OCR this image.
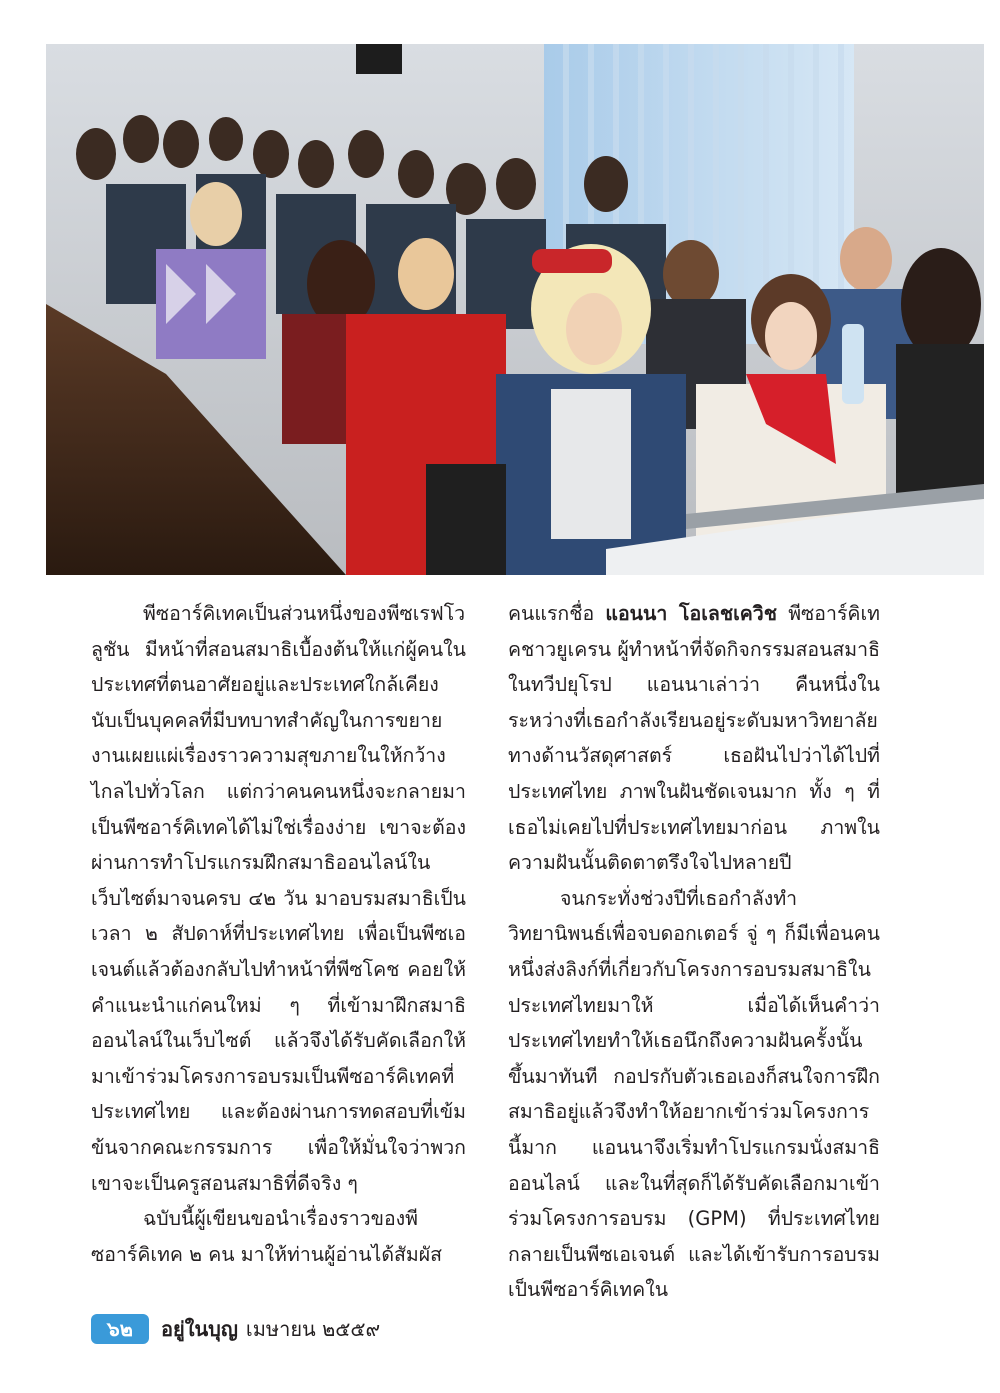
พีซอาร์คิเทคเป็นส่วนหนึ่งของพีซเรฟโวลูชัน มีหน้าที่สอนสมาธิเบื้องต้นให้แก่ผู้คนในประเทศที่ตนอาศัยอยู่และประเทศใกล้เคียง นับเป็นบุคคลที่มีบทบาทสำคัญในการขยายงานเผยแผ่เรื่องราวความสุขภายในให้กว้างไกลไปทั่วโลก แต่กว่าคนคนหนึ่งจะกลายมาเป็นพีซอาร์คิเทคได้ไม่ใช่เรื่องง่าย เขาจะต้องผ่านการทำโปรแกรมฝึกสมาธิออนไลน์ในเว็บไซต์มาจนครบ ๔๒ วัน มาอบรมสมาธิเป็นเวลา ๒ สัปดาห์ที่ประเทศไทย เพื่อเป็นพีซเอเจนต์แล้วต้องกลับไปทำหน้าที่พีซโคช คอยให้คำแนะนำแก่คนใหม่ ๆ ที่เข้ามาฝึกสมาธิออนไลน์ในเว็บไซต์ แล้วจึงได้รับคัดเลือกให้มาเข้าร่วมโครงการอบรมเป็นพีซอาร์คิเทคที่ประเทศไทย และต้องผ่านการทดสอบที่เข้มข้นจากคณะกรรมการ เพื่อให้มั่นใจว่าพวกเขาจะเป็นครูสอนสมาธิที่ดีจริง ๆ

ฉบับนี้ผู้เขียนขอนำเรื่องราวของพีซอาร์คิเทค ๒ คน มาให้ท่านผู้อ่านได้สัมผัส

คนแรกชื่อ แอนนา โอเลชเควิช พีซอาร์คิเทคชาวยูเครน ผู้ทำหน้าที่จัดกิจกรรมสอนสมาธิในทวีปยุโรป แอนนาเล่าว่า คืนหนึ่งในระหว่างที่เธอกำลังเรียนอยู่ระดับมหาวิทยาลัยทางด้านวัสดุศาสตร์ เธอฝันไปว่าได้ไปที่ประเทศไทย ภาพในฝันชัดเจนมาก ทั้ง ๆ ที่เธอไม่เคยไปที่ประเทศไทยมาก่อน ภาพในความฝันนั้นติดตาตรึงใจไปหลายปี

จนกระทั่งช่วงปีที่เธอกำลังทำวิทยานิพนธ์เพื่อจบดอกเตอร์ จู่ ๆ ก็มีเพื่อนคนหนึ่งส่งลิงก์ที่เกี่ยวกับโครงการอบรมสมาธิในประเทศไทยมาให้ เมื่อได้เห็นคำว่าประเทศไทยทำให้เธอนึกถึงความฝันครั้งนั้นขึ้นมาทันที กอปรกับตัวเธอเองก็สนใจการฝึกสมาธิอยู่แล้วจึงทำให้อยากเข้าร่วมโครงการนี้มาก แอนนาจึงเริ่มทำโปรแกรมนั่งสมาธิออนไลน์ และในที่สุดก็ได้รับคัดเลือกมาเข้าร่วมโครงการอบรม (GPM) ที่ประเทศไทย กลายเป็นพีซเอเจนต์ และได้เข้ารับการอบรมเป็นพีซอาร์คิเทคใน

๖๒	อยู่ในบุญ เมษายน ๒๕๕๙
